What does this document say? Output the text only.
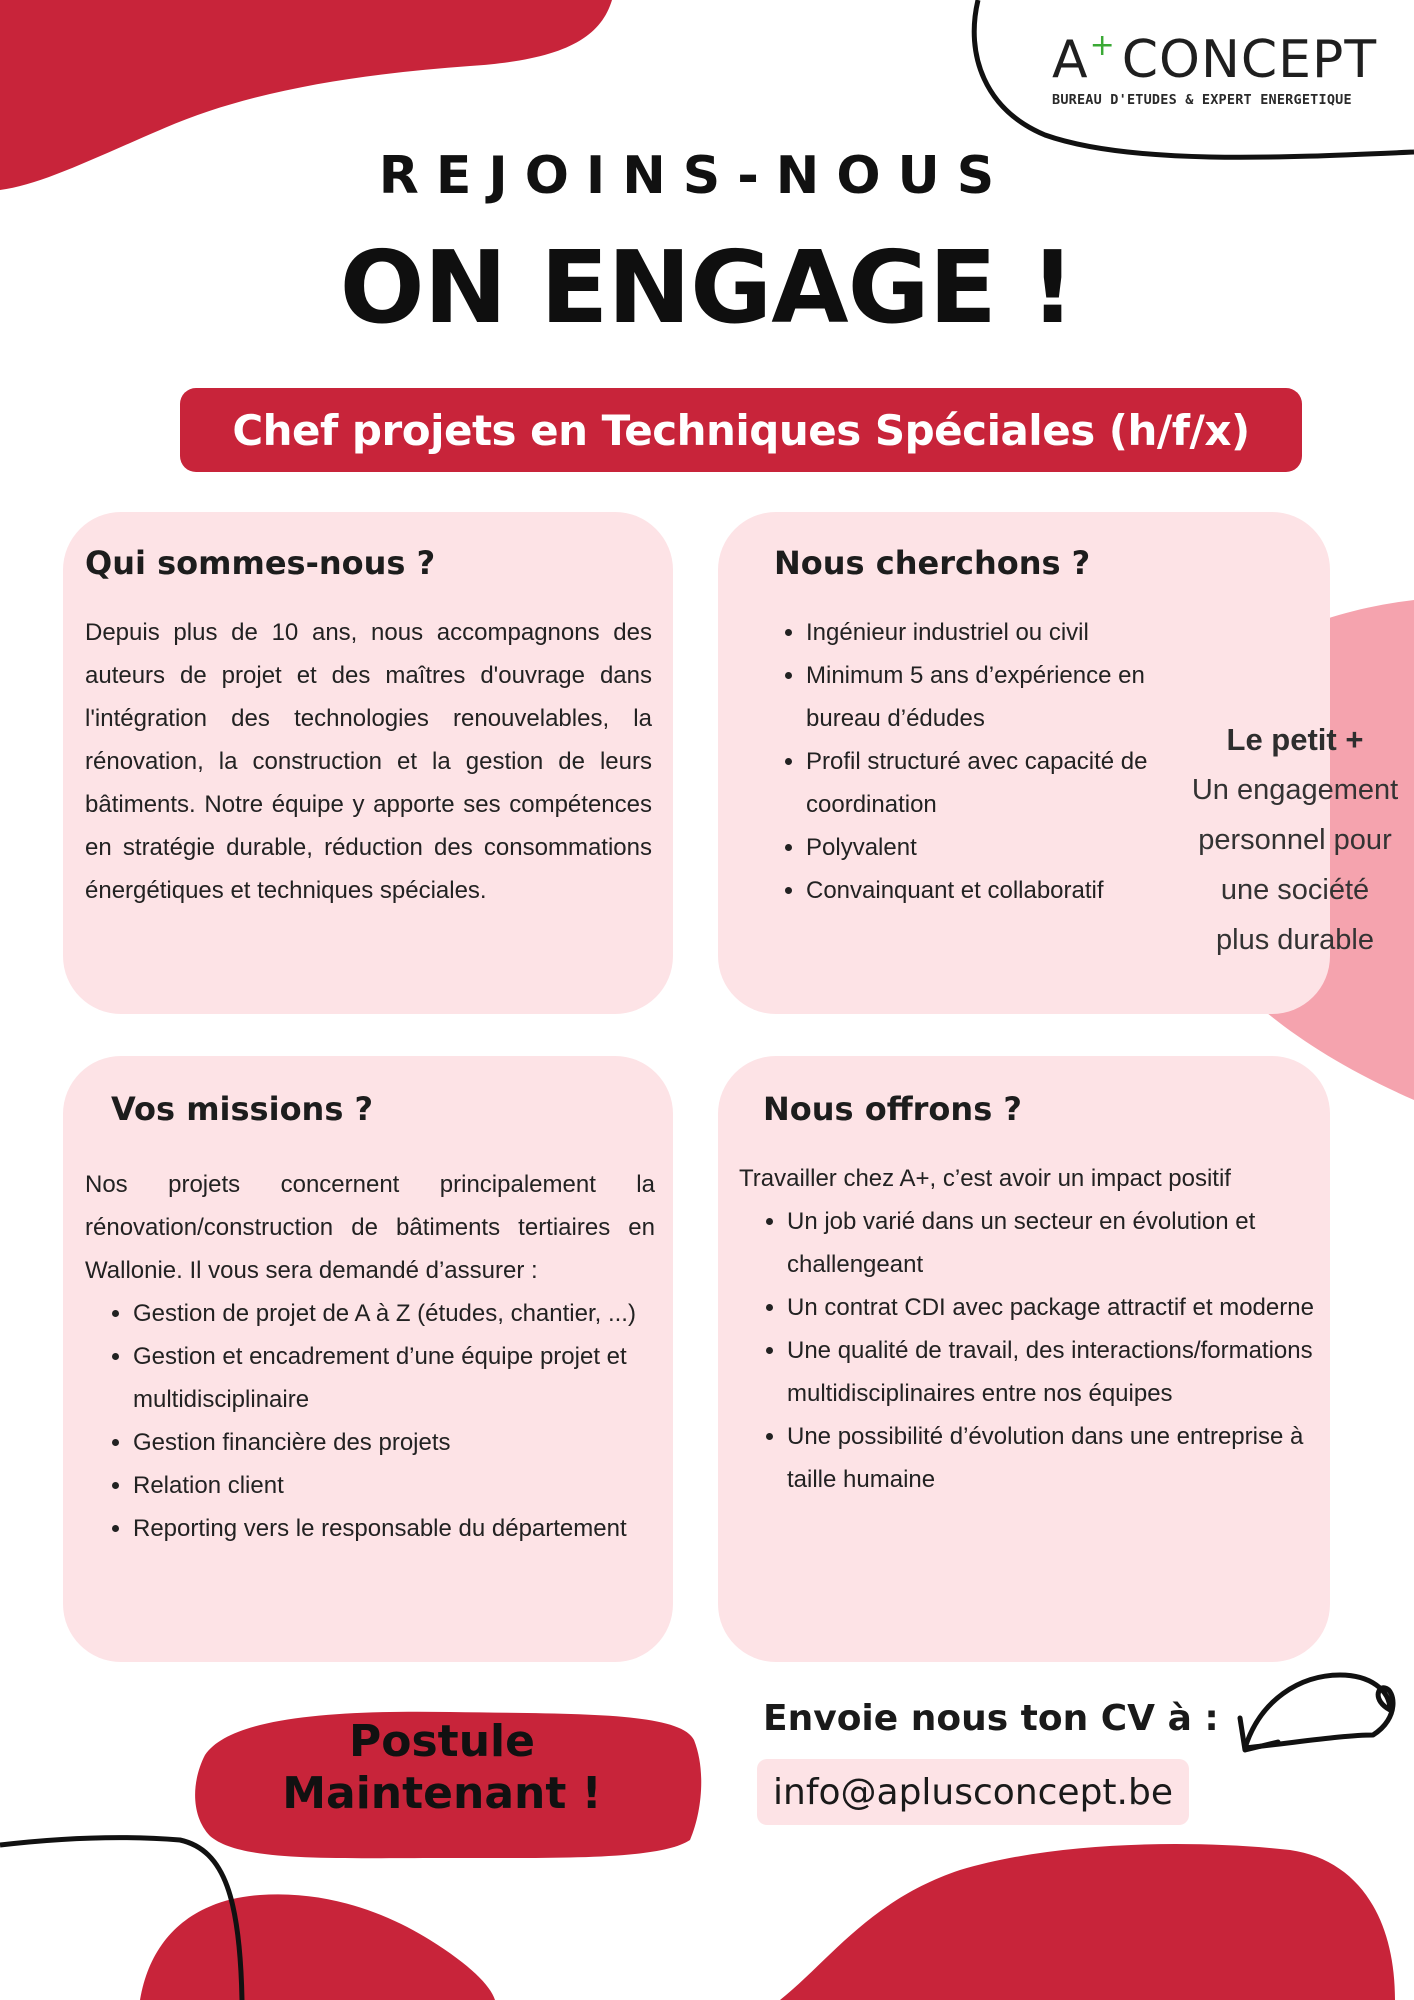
A+ CONCEPT
BUREAU D'ETUDES & EXPERT ENERGETIQUE
REJOINS-NOUS
ON ENGAGE !
Chef projets en Techniques Spéciales (h/f/x)
Qui sommes-nous ?
Depuis plus de 10 ans, nous accompagnons des auteurs de projet et des maîtres d'ouvrage dans l'intégration des technologies renouvelables, la rénovation, la construction et la gestion de leurs bâtiments. Notre équipe y apporte ses compétences en stratégie durable, réduction des consommations énergétiques et techniques spéciales.
Nous cherchons ?
• Ingénieur industriel ou civil
• Minimum 5 ans d’expérience en bureau d’édudes
• Profil structuré avec capacité de coordination
• Polyvalent
• Convainquant et collaboratif
Le petit +
Un engagement
personnel pour
une société
plus durable
Vos missions ?

Nos projets concernent principalement la rénovation/construction de bâtiments tertiaires en Wallonie. Il vous sera demandé d’assurer :

• Gestion de projet de A à Z (études, chantier, ...)
• Gestion et encadrement d’une équipe projet et multidisciplinaire
• Gestion financière des projets
• Relation client
• Reporting vers le responsable du département
Nous offrons ?

Travailler chez A+, c’est avoir un impact positif

• Un job varié dans un secteur en évolution et challengeant
• Un contrat CDI avec package attractif et moderne
• Une qualité de travail, des interactions/formations multidisciplinaires entre nos équipes
• Une possibilité d’évolution dans une entreprise à taille humaine
Postule
Maintenant !
Envoie nous ton CV à :
info@aplusconcept.be
